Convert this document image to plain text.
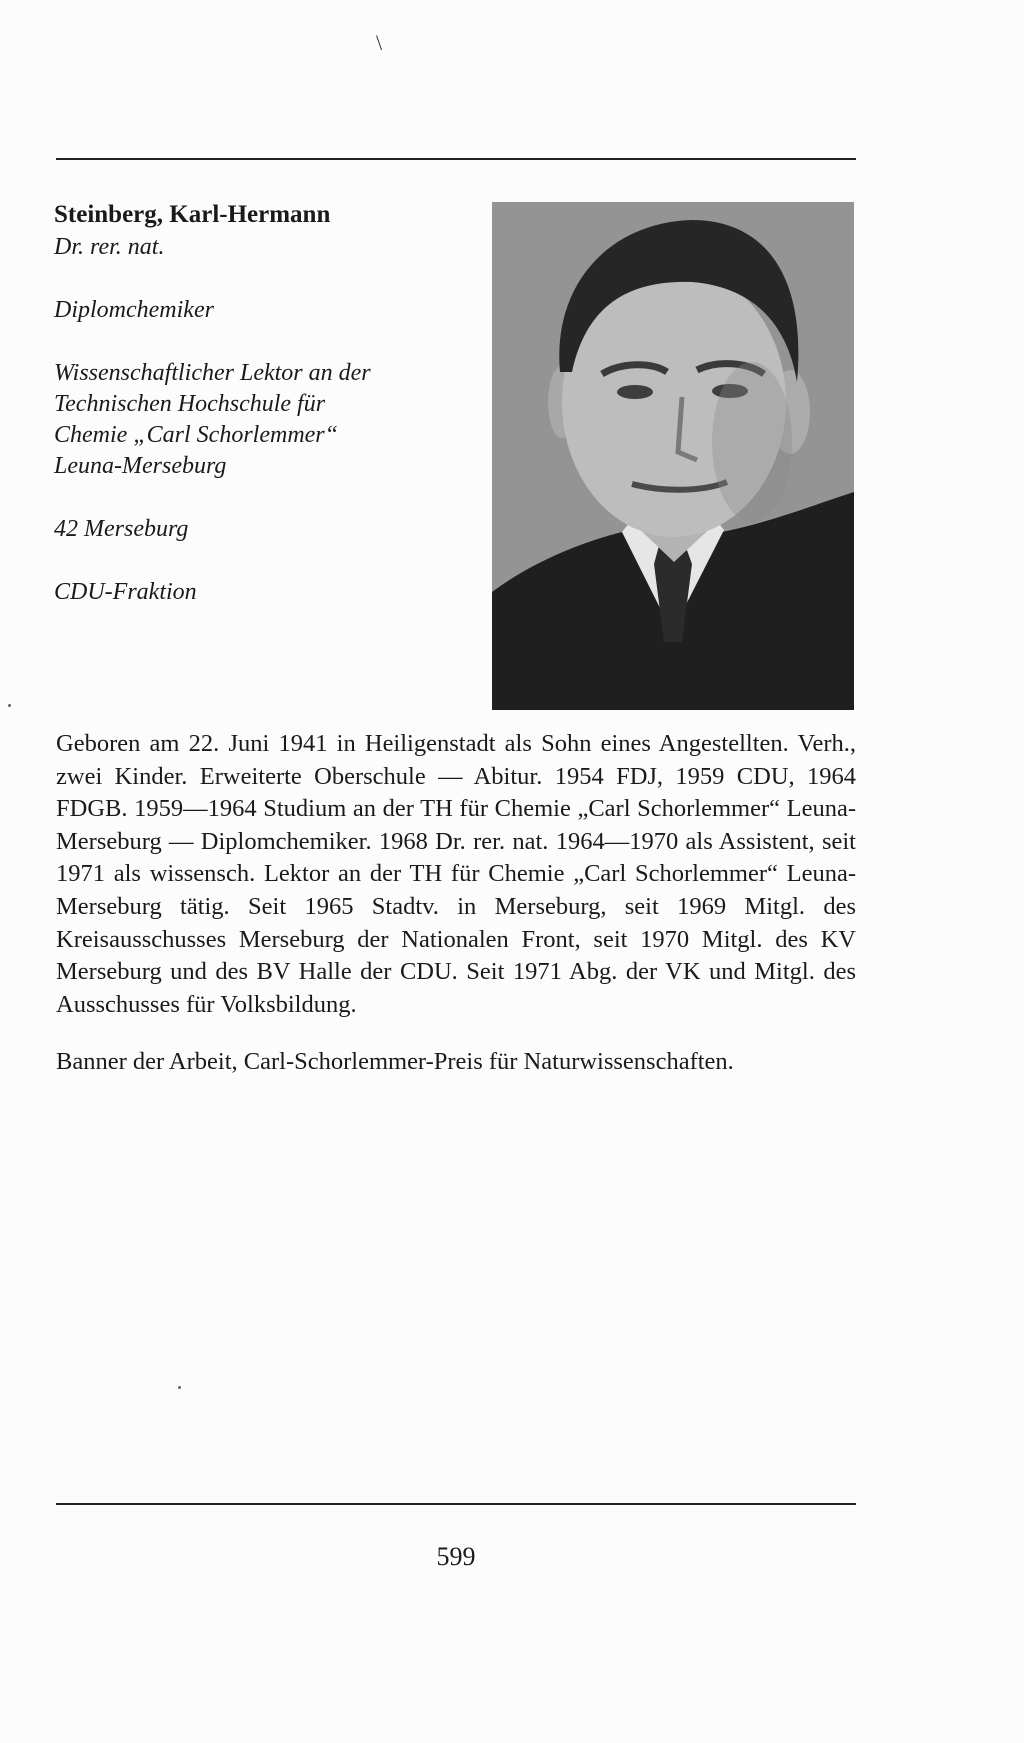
\

Steinberg, Karl-Hermann

Dr. rer. nat.

Diplomchemiker

Wissenschaftlicher Lektor an der

Technischen Hochschule für

Chemie „Carl Schorlemmer“

Leuna-Merseburg

42 Merseburg

CDU-Fraktion

Geboren am 22. Juni 1941 in Heiligenstadt als Sohn eines Angestellten. Verh., zwei Kinder. Erweiterte Oberschule — Abitur. 1954 FDJ, 1959 CDU, 1964 FDGB. 1959—1964 Studium an der TH für Chemie „Carl Schorlemmer“ Leuna-Merseburg — Diplomchemiker. 1968 Dr. rer. nat. 1964—1970 als Assistent, seit 1971 als wissensch. Lektor an der TH für Chemie „Carl Schorlemmer“ Leuna-Merseburg tätig. Seit 1965 Stadtv. in Merseburg, seit 1969 Mitgl. des Kreisausschusses Merseburg der Nationalen Front, seit 1970 Mitgl. des KV Merseburg und des BV Halle der CDU. Seit 1971 Abg. der VK und Mitgl. des Ausschusses für Volksbildung.

Banner der Arbeit, Carl-Schorlemmer-Preis für Naturwissenschaften.

599
